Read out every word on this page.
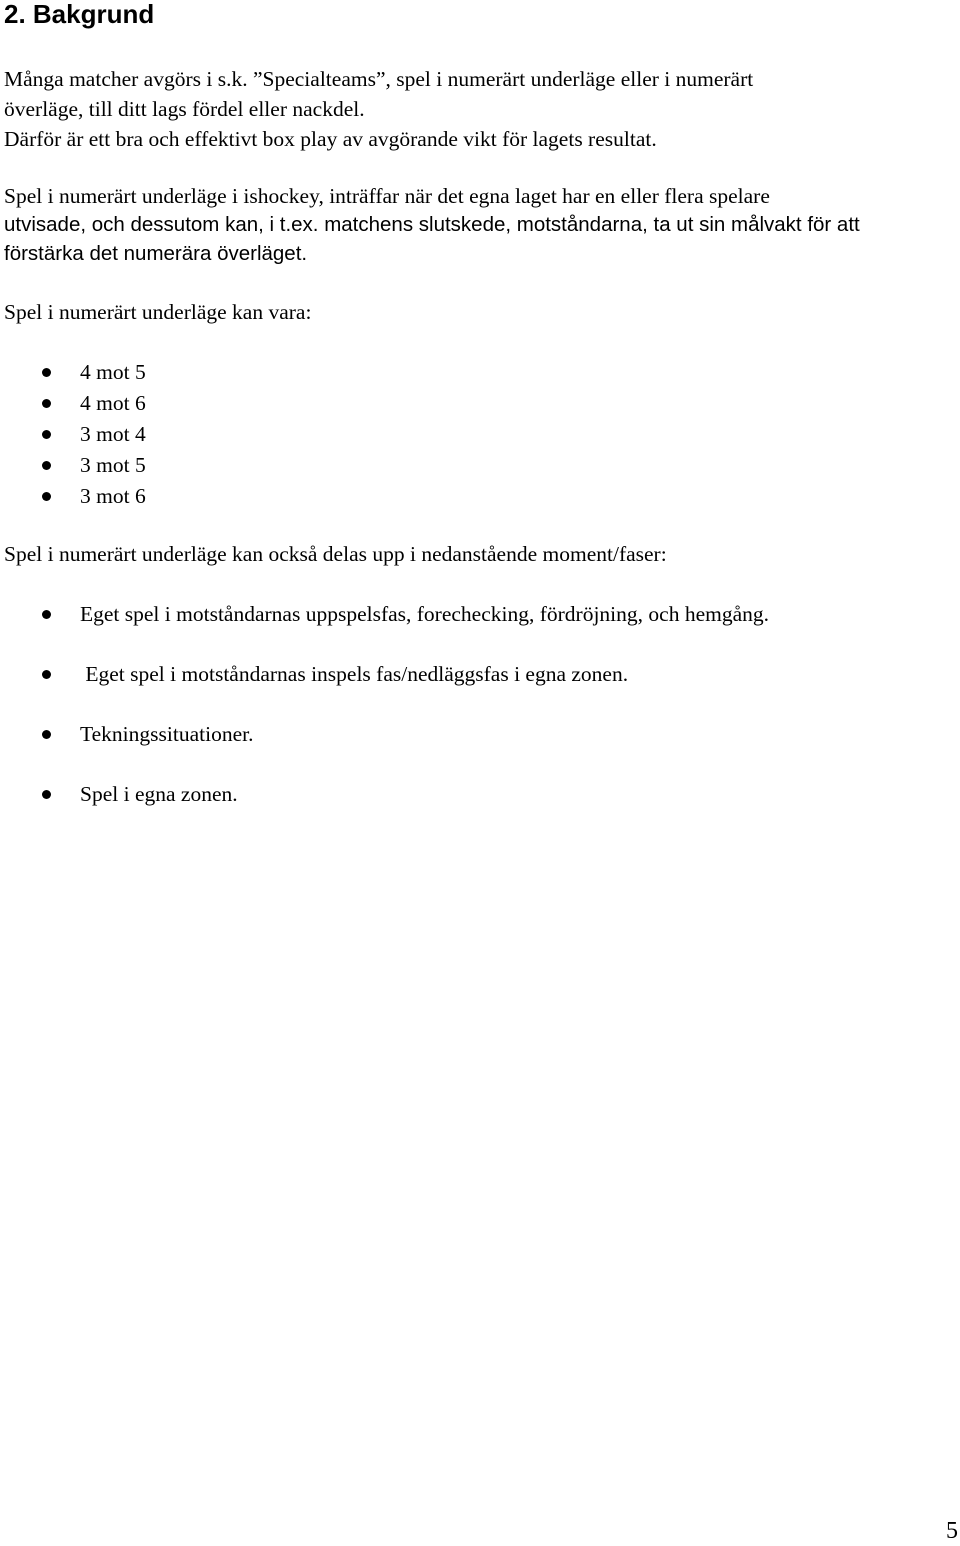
2. Bakgrund
Många matcher avgörs i s.k. ”Specialteams”, spel i numerärt underläge eller i numerärt
överläge, till ditt lags fördel eller nackdel.
Därför är ett bra och effektivt box play av avgörande vikt för lagets resultat.
Spel i numerärt underläge i ishockey, inträffar när det egna laget har en eller flera spelare
utvisade, och dessutom kan, i t.ex. matchens slutskede, motståndarna, ta ut sin målvakt för att
förstärka det numerära överläget.
Spel i numerärt underläge kan vara:
4 mot 5
4 mot 6
3 mot 4
3 mot 5
3 mot 6
Spel i numerärt underläge kan också delas upp i nedanstående moment/faser:
Eget spel i motståndarnas uppspelsfas, forechecking, fördröjning, och hemgång.
Eget spel i motståndarnas inspels fas/nedläggsfas i egna zonen.
Tekningssituationer.
Spel i egna zonen.
5
